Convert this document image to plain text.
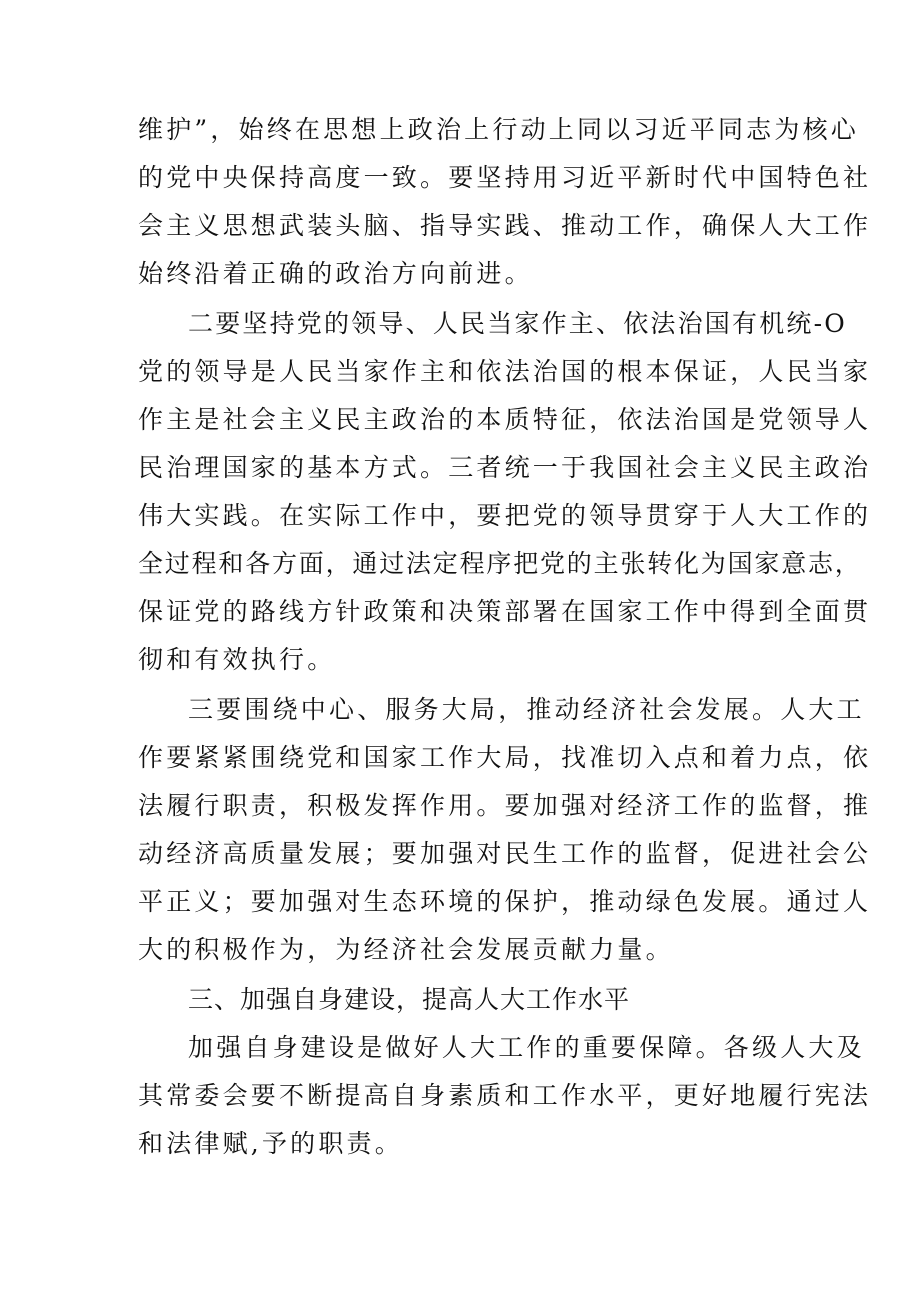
维护”，始终在思想上政治上行动上同以习近平同志为核心
的党中央保持高度一致。要坚持用习近平新时代中国特色社
会主义思想武装头脑、指导实践、推动工作，确保人大工作
始终沿着正确的政治方向前进。
二要坚持党的领导、人民当家作主、依法治国有机统-O
党的领导是人民当家作主和依法治国的根本保证，人民当家
作主是社会主义民主政治的本质特征，依法治国是党领导人
民治理国家的基本方式。三者统一于我国社会主义民主政治
伟大实践。在实际工作中，要把党的领导贯穿于人大工作的
全过程和各方面，通过法定程序把党的主张转化为国家意志，
保证党的路线方针政策和决策部署在国家工作中得到全面贯
彻和有效执行。
三要围绕中心、服务大局，推动经济社会发展。人大工
作要紧紧围绕党和国家工作大局，找准切入点和着力点，依
法履行职责，积极发挥作用。要加强对经济工作的监督，推
动经济高质量发展；要加强对民生工作的监督，促进社会公
平正义；要加强对生态环境的保护，推动绿色发展。通过人
大的积极作为，为经济社会发展贡献力量。
三、加强自身建设，提高人大工作水平
加强自身建设是做好人大工作的重要保障。各级人大及
其常委会要不断提高自身素质和工作水平，更好地履行宪法
和法律赋,予的职责。
